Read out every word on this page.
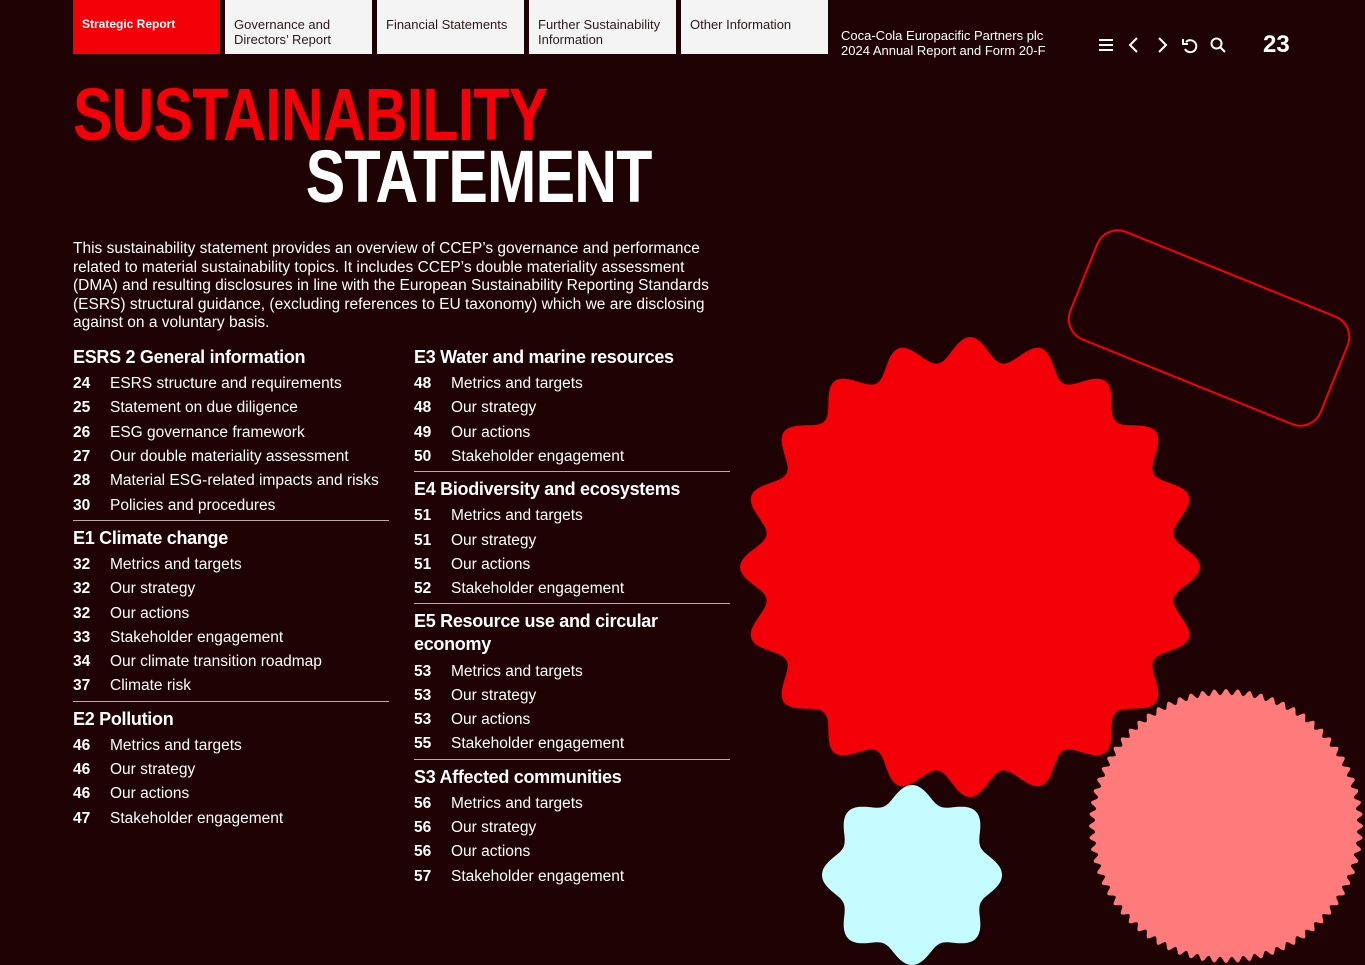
Strategic Report	Governance and Directors’ Report
Financial Statements	Further Sustainability Information
Other Information
Coca-Cola Europacific Partners plc
2024 Annual Report and Form 20-F	23
SUSTAINABILITY
STATEMENT

This sustainability statement provides an overview of CCEP’s governance and performance related to material sustainability topics. It includes CCEP’s double materiality assessment (DMA) and resulting disclosures in line with the European Sustainability Reporting Standards (ESRS) structural guidance, (excluding references to EU taxonomy) which we are disclosing against on a voluntary basis.

ESRS 2 General information
24	ESRS structure and requirements
25	Statement on due diligence
26	ESG governance framework
27	Our double materiality assessment
28	Material ESG-related impacts and risks
30	Policies and procedures
E1 Climate change
32	Metrics and targets
32	Our strategy
32	Our actions
33	Stakeholder engagement
34	Our climate transition roadmap
37	Climate risk
E2 Pollution
46	Metrics and targets
46	Our strategy
46	Our actions
47	Stakeholder engagement
E3 Water and marine resources
48	Metrics and targets
48	Our strategy
49	Our actions
50	Stakeholder engagement
E4 Biodiversity and ecosystems
51	Metrics and targets
51	Our strategy
51	Our actions
52	Stakeholder engagement
E5 Resource use and circular economy
53	Metrics and targets
53	Our strategy
53	Our actions
55	Stakeholder engagement
S3 Affected communities
56	Metrics and targets
56	Our strategy
56	Our actions
57	Stakeholder engagement
